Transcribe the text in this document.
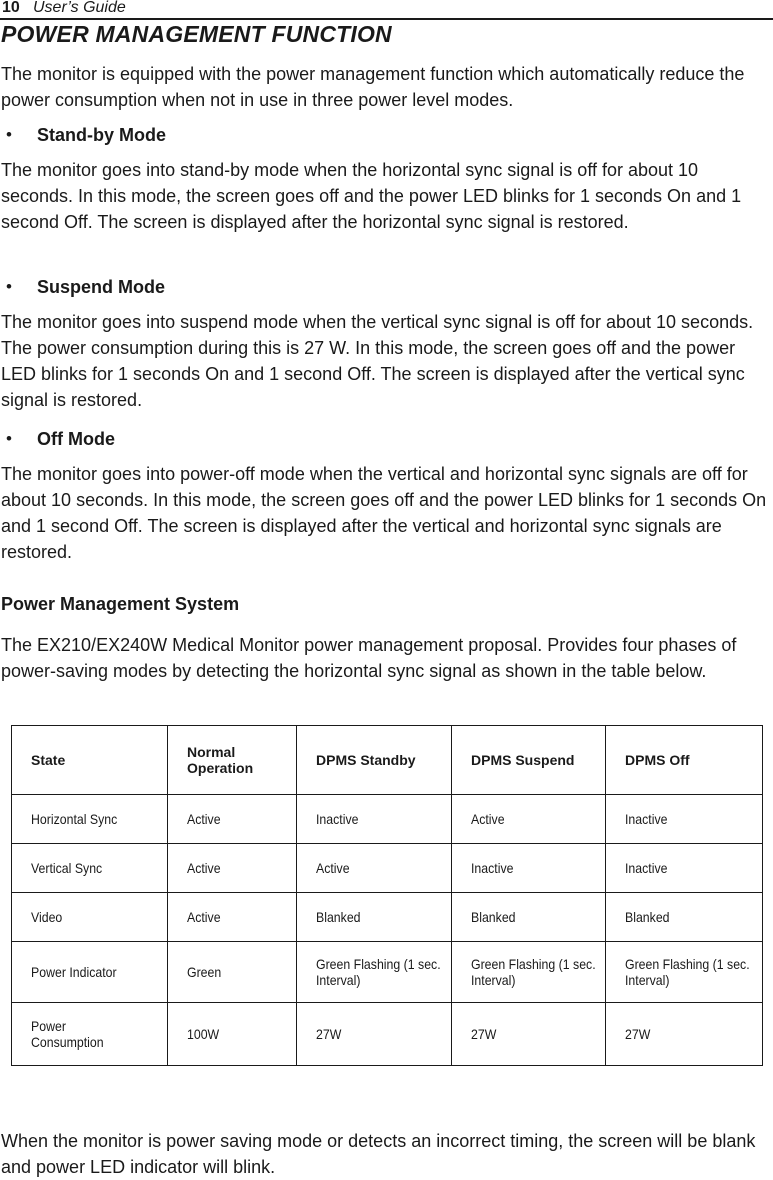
10 User’s Guide
POWER MANAGEMENT FUNCTION
The monitor is equipped with the power management function which automatically reduce the power consumption when not in use in three power level modes.
• Stand-by Mode
The monitor goes into stand-by mode when the horizontal sync signal is off for about 10 seconds. In this mode, the screen goes off and the power LED blinks for 1 seconds On and 1 second Off. The screen is displayed after the horizontal sync signal is restored.
• Suspend Mode
The monitor goes into suspend mode when the vertical sync signal is off for about 10 seconds. The power consumption during this is 27 W. In this mode, the screen goes off and the power LED blinks for 1 seconds On and 1 second Off. The screen is displayed after the vertical sync signal is restored.
• Off Mode
The monitor goes into power-off mode when the vertical and horizontal sync signals are off for about 10 seconds. In this mode, the screen goes off and the power LED blinks for 1 seconds On and 1 second Off. The screen is displayed after the vertical and horizontal sync signals are restored.
Power Management System
The EX210/EX240W Medical Monitor power management proposal. Provides four phases of power-saving modes by detecting the horizontal sync signal as shown in the table below.
State	Normal Operation	DPMS Standby	DPMS Suspend	DPMS Off
Horizontal Sync	Active	Inactive	Active	Inactive
Vertical Sync	Active	Active	Inactive	Inactive
Video	Active	Blanked	Blanked	Blanked
Power Indicator	Green	Green Flashing (1 sec. Interval)	Green Flashing (1 sec. Interval)	Green Flashing (1 sec. Interval)
Power Consumption	100W	27W	27W	27W
When the monitor is power saving mode or detects an incorrect timing, the screen will be blank and power LED indicator will blink.
